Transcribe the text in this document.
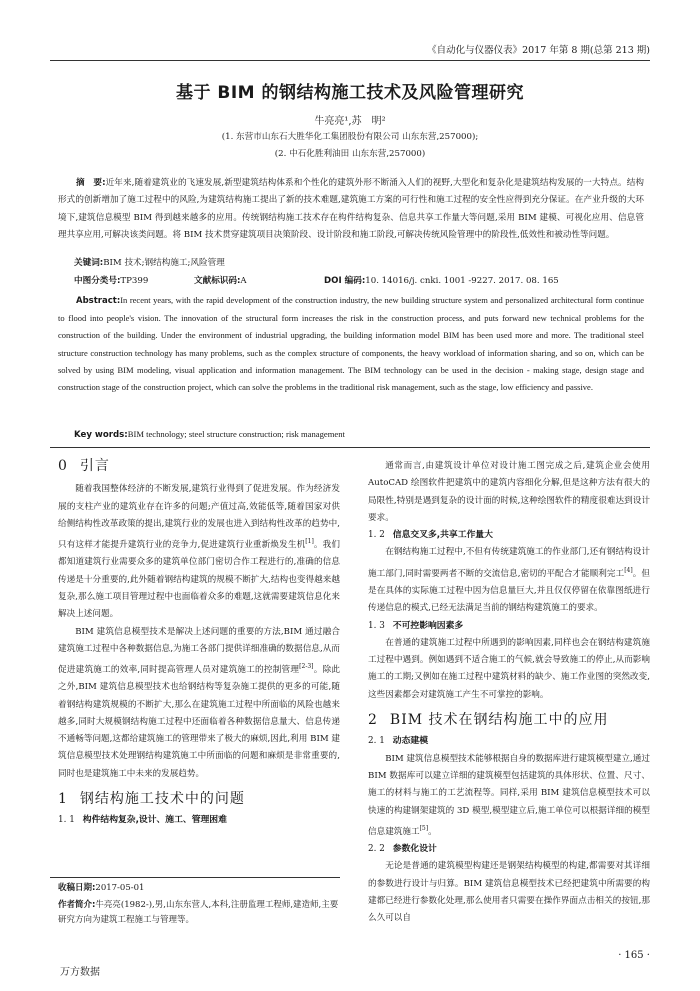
《自动化与仪器仪表》2017 年第 8 期(总第 213 期)
基于 BIM 的钢结构施工技术及风险管理研究
牛亮亮¹,苏　明²
(1. 东营市山东石大胜华化工集团股份有限公司 山东东营,257000);
(2. 中石化胜利油田 山东东营,257000)
摘　要:近年来,随着建筑业的飞速发展,新型建筑结构体系和个性化的建筑外形不断涌入人们的视野,大型化和复杂化是建筑结构发展的一大特点。结构形式的创新增加了施工过程中的风险,为建筑结构施工提出了新的技术难题,建筑施工方案的可行性和施工过程的安全性应得到充分保证。在产业升级的大环境下,建筑信息模型 BIM 得到越来越多的应用。传统钢结构施工技术存在构件结构复杂、信息共享工作量大等问题,采用 BIM 建模、可视化应用、信息管理共享应用,可解决该类问题。将 BIM 技术贯穿建筑项目决策阶段、设计阶段和施工阶段,可解决传统风险管理中的阶段性,低效性和被动性等问题。
关键词:BIM 技术;钢结构施工;风险管理
中图分类号:TP399	文献标识码:A	DOI 编码:10. 14016/j. cnki. 1001 -9227. 2017. 08. 165
Abstract:In recent years, with the rapid development of the construction industry, the new building structure system and personalized architectural form continue to flood into people's vision. The innovation of the structural form increases the risk in the construction process, and puts forward new technical problems for the construction of the building. Under the environment of industrial upgrading, the building information model BIM has been used more and more. The traditional steel structure construction technology has many problems, such as the complex structure of components, the heavy workload of information sharing, and so on, which can be solved by using BIM modeling, visual application and information management. The BIM technology can be used in the decision - making stage, design stage and construction stage of the construction project, which can solve the problems in the traditional risk management, such as the stage, low efficiency and passive.
Key words:BIM technology; steel structure construction; risk management
0 引言

随着我国整体经济的不断发展,建筑行业得到了促进发展。作为经济发展的支柱产业的建筑业存在许多的问题;产值过高,效能低等,随着国家对供给侧结构性改革政策的提出,建筑行业的发展也进入到结构性改革的趋势中,只有这样才能提升建筑行业的竞争力,促进建筑行业重新焕发生机[1]。我们都知道建筑行业需要众多的建筑单位部门密切合作工程进行的,准确的信息传递是十分重要的,此外随着钢结构建筑的规模不断扩大,结构也变得越来越复杂,那么施工项目管理过程中也面临着众多的难题,这就需要建筑信息化来解决上述问题。

BIM 建筑信息模型技术是解决上述问题的重要的方法,BIM 通过融合建筑施工过程中各种数据信息,为施工各部门提供详细准确的数据信息,从而促进建筑施工的效率,同时提高管理人员对建筑施工的控制管理[2-3]。除此之外,BIM 建筑信息模型技术也给钢结构等复杂施工提供的更多的可能,随着钢结构建筑规模的不断扩大,那么在建筑施工过程中所面临的风险也越来越多,同时大规模钢结构施工过程中还面临着各种数据信息量大、信息传递不通畅等问题,这都给建筑施工的管理带来了极大的麻烦,因此,利用 BIM 建筑信息模型技术处理钢结构建筑施工中所面临的问题和麻烦是非常重要的,同时也是建筑施工中未来的发展趋势。

1 钢结构施工技术中的问题
1. 1 构件结构复杂,设计、施工、管理困难

通常而言,由建筑设计单位对设计施工图完成之后,建筑企业会使用 AutoCAD 绘图软件把建筑中的建筑内容细化分解,但是这种方法有很大的局限性,特别是遇到复杂的设计面的时候,这种绘图软件的精度很难达到设计要求。

1. 2 信息交叉多,共享工作量大

在钢结构施工过程中,不但有传统建筑施工的作业部门,还有钢结构设计施工部门,同时需要两者不断的交流信息,密切的平配合才能顺利完工[4]。但是在具体的实际施工过程中因为信息量巨大,并且仅仅停留在依靠图纸进行传递信息的模式,已经无法满足当前的钢结构建筑施工的要求。

1. 3 不可控影响因素多

在普通的建筑施工过程中所遇到的影响因素,同样也会在钢结构建筑施工过程中遇到。例如遇到不适合施工的气候,就会导致施工的停止,从而影响施工的工期;又例如在施工过程中建筑材料的缺少、施工作业图的突然改变,这些因素都会对建筑施工产生不可掌控的影响。

2 BIM 技术在钢结构施工中的应用
2. 1 动态建模

BIM 建筑信息模型技术能够根据自身的数据库进行建筑模型建立,通过 BIM 数据库可以建立详细的建筑模型包括建筑的具体形状、位置、尺寸、施工的材料与施工的工艺流程等。同样,采用 BIM 建筑信息模型技术可以快速的构建钢架建筑的 3D 模型,模型建立后,施工单位可以根据详细的模型信息建筑施工[5]。

2. 2 参数化设计

无论是普通的建筑模型构建还是钢架结构模型的构建,都需要对其详细的参数进行设计与归算。BIM 建筑信息模型技术已经把建筑中所需要的构建都已经进行参数化处理,那么使用者只需要在操作界面点击相关的按钮,那么久可以自

收稿日期:2017-05-01
作者简介:牛亮亮(1982-),男,山东东营人,本科,注册监理工程师,建造师,主要研究方向为建筑工程施工与管理等。
· 165 ·
万方数据
